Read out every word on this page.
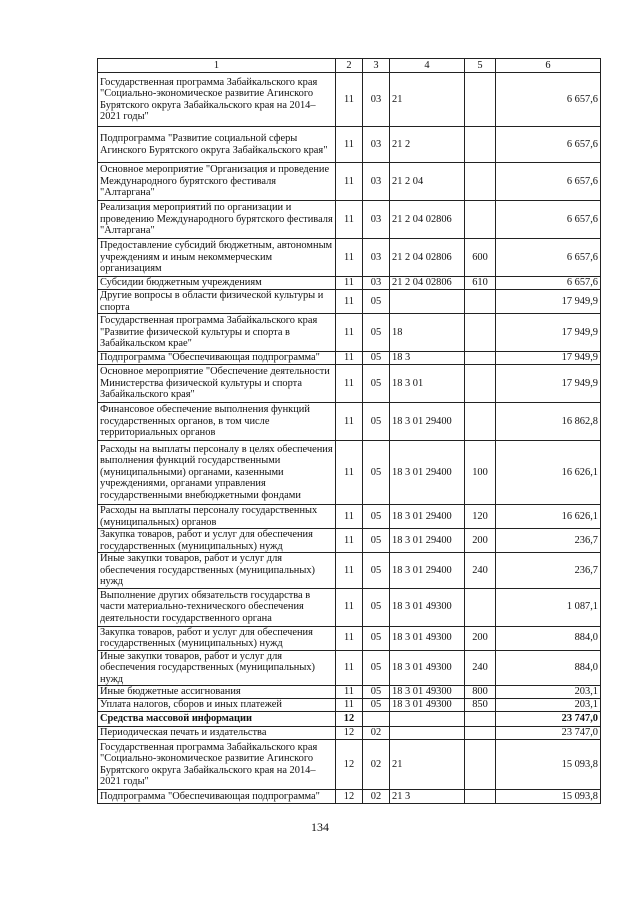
1	2	3	4	5	6
Государственная программа Забайкальского края "Социально-экономическое развитие Агинского Бурятского округа Забайкальского края на 2014–2021 годы"	11	03	21		6 657,6
Подпрограмма "Развитие социальной сферы Агинского Бурятского округа Забайкальского края"	11	03	21 2		6 657,6
Основное мероприятие "Организация и проведение Международного бурятского фестиваля "Алтаргана"	11	03	21 2 04		6 657,6
Реализация мероприятий по организации и проведению Международного бурятского фестиваля "Алтаргана"	11	03	21 2 04 02806		6 657,6
Предоставление субсидий бюджетным, автономным учреждениям и иным некоммерческим организациям	11	03	21 2 04 02806	600	6 657,6
Субсидии бюджетным учреждениям	11	03	21 2 04 02806	610	6 657,6
Другие вопросы в области физической культуры и спорта	11	05			17 949,9
Государственная программа Забайкальского края "Развитие физической культуры и спорта в Забайкальском крае"	11	05	18		17 949,9
Подпрограмма "Обеспечивающая подпрограмма"	11	05	18 3		17 949,9
Основное мероприятие "Обеспечение деятельности Министерства физической культуры и спорта Забайкальского края"	11	05	18 3 01		17 949,9
Финансовое обеспечение выполнения функций государственных органов, в том числе территориальных органов	11	05	18 3 01 29400		16 862,8
Расходы на выплаты персоналу в целях обеспечения выполнения функций государственными (муниципальными) органами, казенными учреждениями, органами управления государственными внебюджетными фондами	11	05	18 3 01 29400	100	16 626,1
Расходы на выплаты персоналу государственных (муниципальных) органов	11	05	18 3 01 29400	120	16 626,1
Закупка товаров, работ и услуг для обеспечения государственных (муниципальных) нужд	11	05	18 3 01 29400	200	236,7
Иные закупки товаров, работ и услуг для обеспечения государственных (муниципальных) нужд	11	05	18 3 01 29400	240	236,7
Выполнение других обязательств государства в части материально-технического обеспечения деятельности государственного органа	11	05	18 3 01 49300		1 087,1
Закупка товаров, работ и услуг для обеспечения государственных (муниципальных) нужд	11	05	18 3 01 49300	200	884,0
Иные закупки товаров, работ и услуг для обеспечения государственных (муниципальных) нужд	11	05	18 3 01 49300	240	884,0
Иные бюджетные ассигнования	11	05	18 3 01 49300	800	203,1
Уплата налогов, сборов и иных платежей	11	05	18 3 01 49300	850	203,1
Средства массовой информации	12				23 747,0
Периодическая печать и издательства	12	02			23 747,0
Государственная программа Забайкальского края "Социально-экономическое развитие Агинского Бурятского округа Забайкальского края на 2014–2021 годы"	12	02	21		15 093,8
Подпрограмма "Обеспечивающая подпрограмма"	12	02	21 3		15 093,8
134
